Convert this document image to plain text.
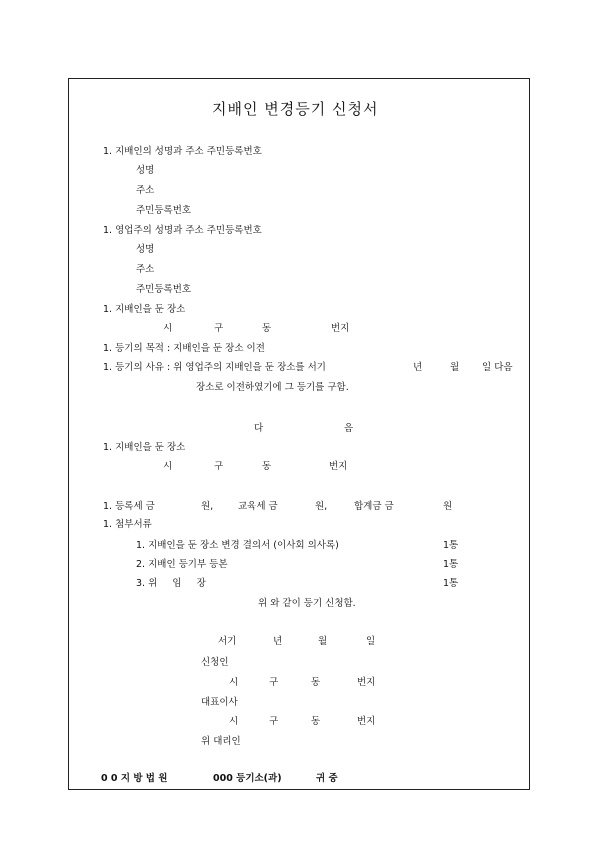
지배인 변경등기 신청서
1. 지배인의 성명과 주소 주민등록번호
성명
주소
주민등록번호
1. 영업주의 성명과 주소 주민등록번호
성명
주소
주민등록번호
1. 지배인을 둔 장소
시	구	동	번지
1. 등기의 목적 : 지배인을 둔 장소 이전
1. 등기의 사유 : 위 영업주의 지배인을 둔 장소를 서기	년	월 일 다음
장소로 이전하였기에 그 등기를 구함.
다	음
1. 지배인을 둔 장소
시	구	동	번지
1. 등록세 금	원,	교육세 금	원,	합계금 금	원
1. 첨부서류
1. 지배인을 둔 장소 변경 결의서 (이사회 의사록)	1통
2. 지배인 등기부 등본	1통
3. 위     임     장	1통
위 와 같이 등기 신청함.
서기	년	월	일
신청인
시	구	동	번지
대표이사
시	구	동	번지
위 대리인
0 0 지 방 법 원	000 등기소(과)	귀 중
